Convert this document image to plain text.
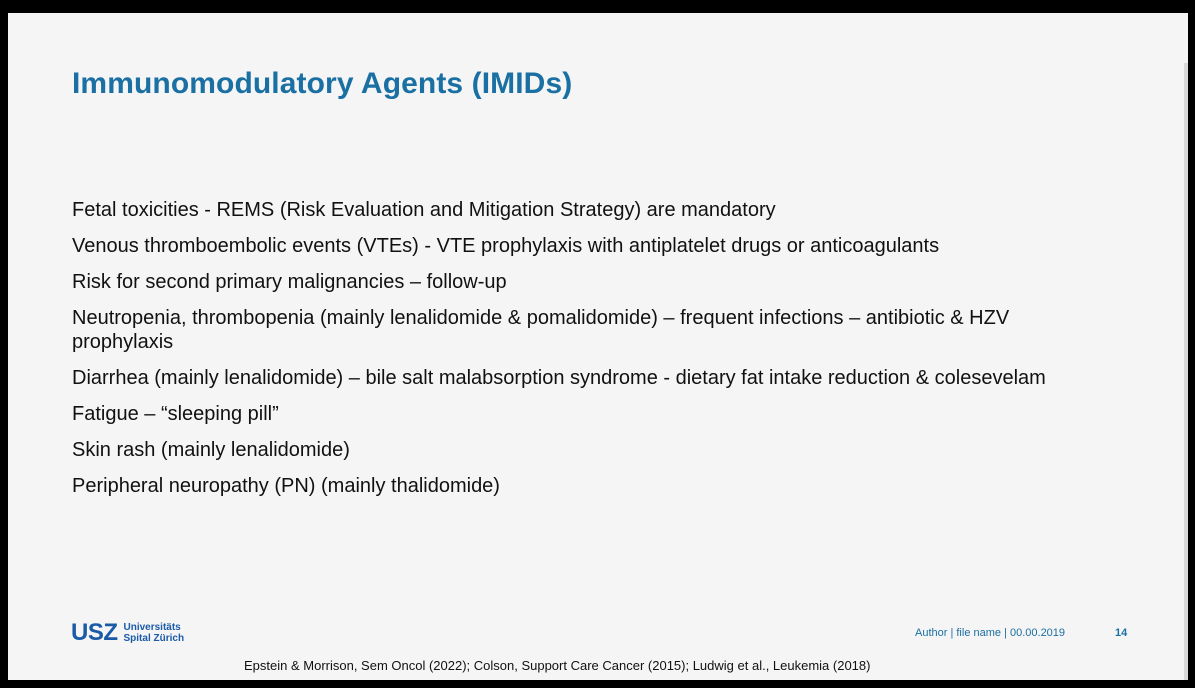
Immunomodulatory Agents (IMIDs)
Fetal toxicities - REMS (Risk Evaluation and Mitigation Strategy) are mandatory
Venous thromboembolic events (VTEs) - VTE prophylaxis with antiplatelet drugs or anticoagulants
Risk for second primary malignancies – follow-up
Neutropenia, thrombopenia (mainly lenalidomide & pomalidomide) – frequent infections – antibiotic & HZV prophylaxis
Diarrhea (mainly lenalidomide) – bile salt malabsorption syndrome - dietary fat intake reduction & colesevelam
Fatigue – “sleeping pill”
Skin rash (mainly lenalidomide)
Peripheral neuropathy (PN) (mainly thalidomide)
USZ Universitäts
Spital Zürich	Author | file name | 00.00.2019	14
Epstein & Morrison, Sem Oncol (2022); Colson, Support Care Cancer (2015); Ludwig et al., Leukemia (2018)
